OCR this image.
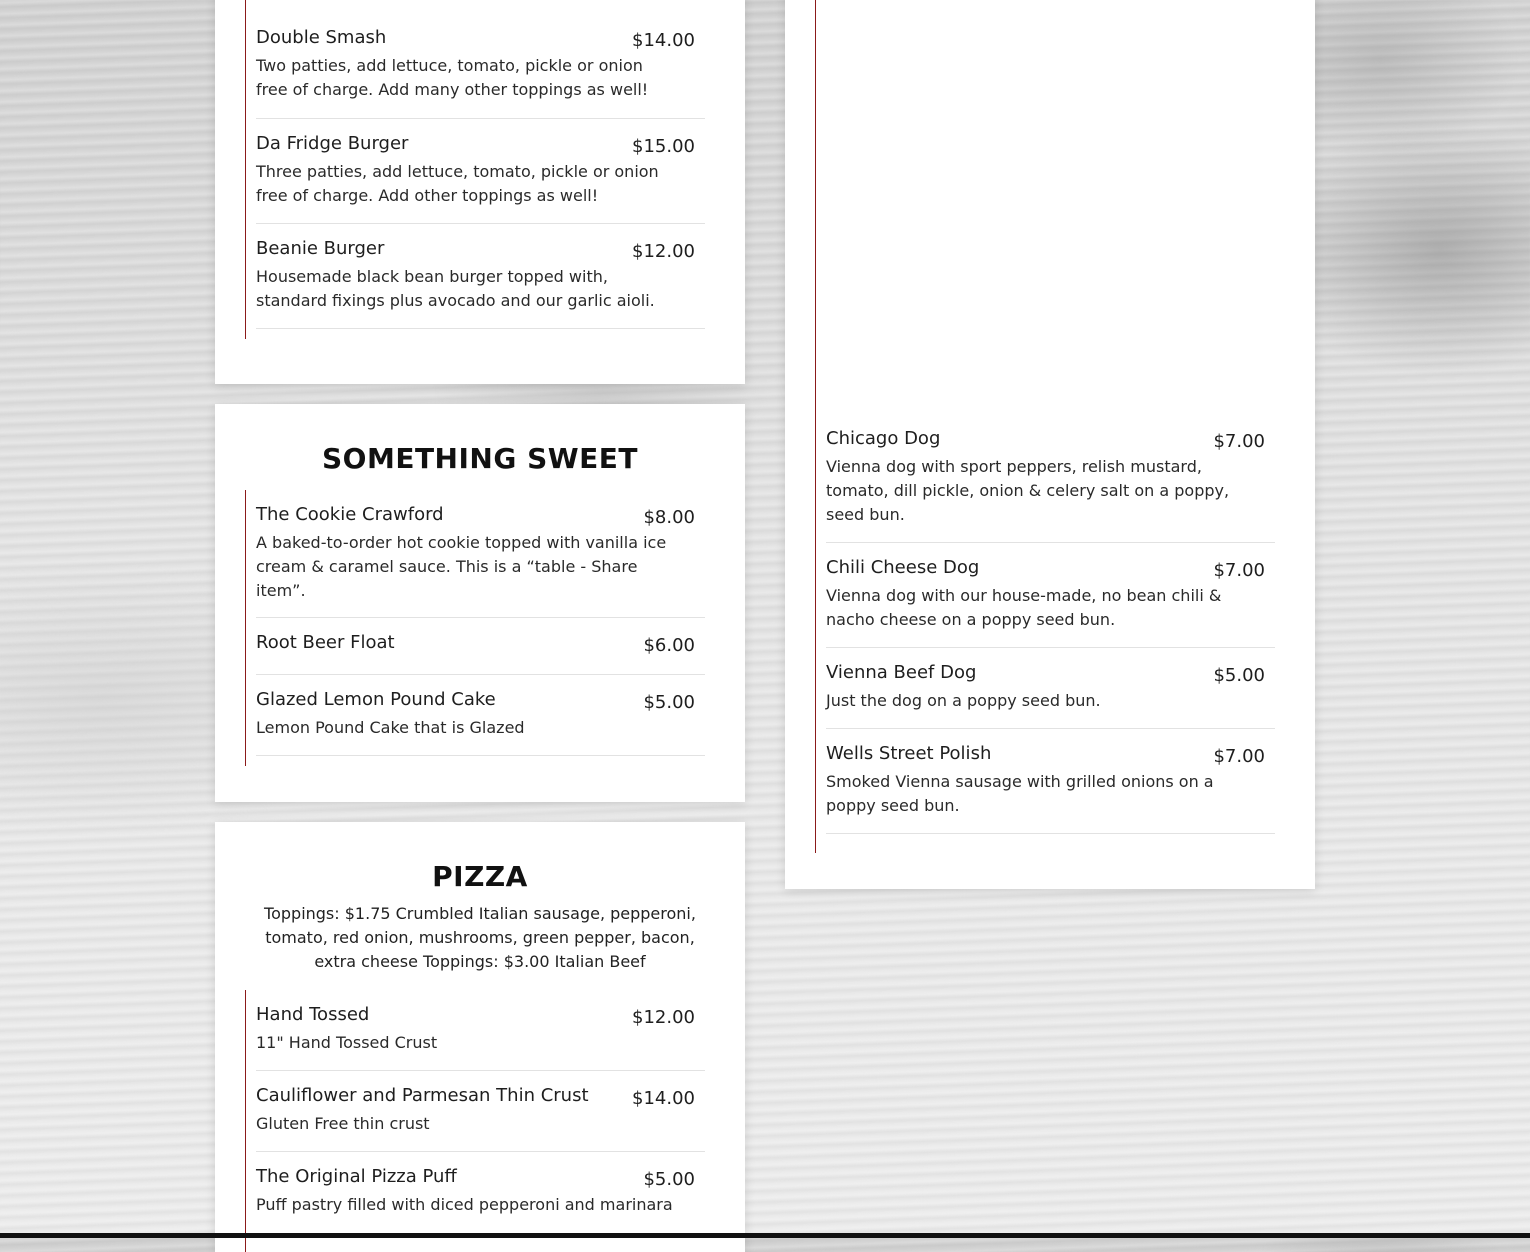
Double Smash	$14.00
Two patties, add lettuce, tomato, pickle or onion free of charge. Add many other toppings as well!
Da Fridge Burger	$15.00
Three patties, add lettuce, tomato, pickle or onion free of charge. Add other toppings as well!
Beanie Burger	$12.00
Housemade black bean burger topped with, standard fixings plus avocado and our garlic aioli.
SOMETHING SWEET
The Cookie Crawford	$8.00
A baked-to-order hot cookie topped with vanilla ice cream & caramel sauce. This is a “table - Share item”.
Root Beer Float	$6.00
Glazed Lemon Pound Cake	$5.00
Lemon Pound Cake that is Glazed
PIZZA
Toppings: $1.75 Crumbled Italian sausage, pepperoni, tomato, red onion, mushrooms, green pepper, bacon, extra cheese Toppings: $3.00 Italian Beef
Hand Tossed	$12.00
11" Hand Tossed Crust
Cauliflower and Parmesan Thin Crust $14.00
Gluten Free thin crust
The Original Pizza Puff	$5.00
Puff pastry filled with diced pepperoni and marinara
Chicago Dog	$7.00
Vienna dog with sport peppers, relish mustard, tomato, dill pickle, onion & celery salt on a poppy, seed bun.
Chili Cheese Dog	$7.00
Vienna dog with our house-made, no bean chili & nacho cheese on a poppy seed bun.
Vienna Beef Dog	$5.00
Just the dog on a poppy seed bun.
Wells Street Polish	$7.00
Smoked Vienna sausage with grilled onions on a poppy seed bun.
